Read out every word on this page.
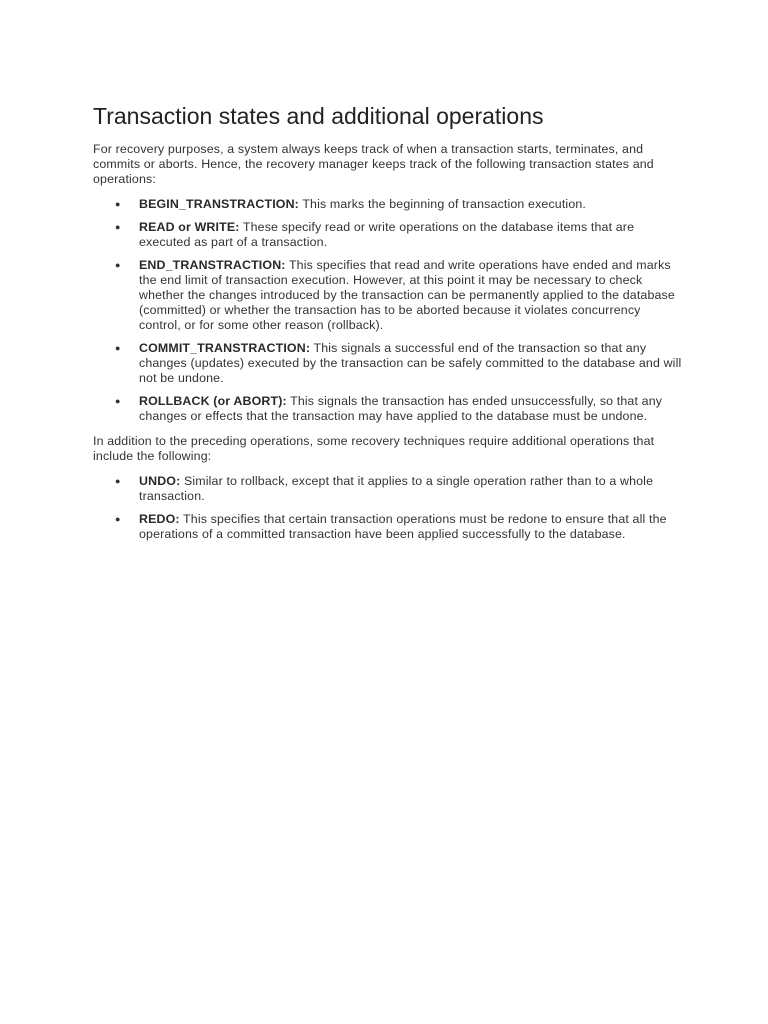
Transaction states and additional operations

For recovery purposes, a system always keeps track of when a transaction starts, terminates, and commits or aborts. Hence, the recovery manager keeps track of the following transaction states and operations:

● BEGIN_TRANSTRACTION: This marks the beginning of transaction execution.
● READ or WRITE: These specify read or write operations on the database items that are executed as part of a transaction.
● END_TRANSTRACTION: This specifies that read and write operations have ended and marks the end limit of transaction execution. However, at this point it may be necessary to check whether the changes introduced by the transaction can be permanently applied to the database (committed) or whether the transaction has to be aborted because it violates concurrency control, or for some other reason (rollback).
● COMMIT_TRANSTRACTION: This signals a successful end of the transaction so that any changes (updates) executed by the transaction can be safely committed to the database and will not be undone.
● ROLLBACK (or ABORT): This signals the transaction has ended unsuccessfully, so that any changes or effects that the transaction may have applied to the database must be undone.

In addition to the preceding operations, some recovery techniques require additional operations that include the following:

● UNDO: Similar to rollback, except that it applies to a single operation rather than to a whole transaction.
● REDO: This specifies that certain transaction operations must be redone to ensure that all the operations of a committed transaction have been applied successfully to the database.
